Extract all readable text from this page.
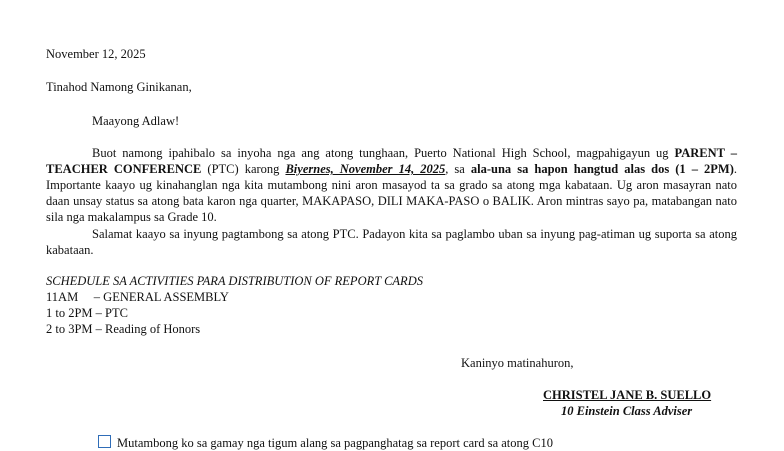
November 12, 2025
Tinahod Namong Ginikanan,
Maayong Adlaw!
Buot namong ipahibalo sa inyoha nga ang atong tunghaan, Puerto National High School, magpahigayun ug PARENT – TEACHER CONFERENCE (PTC) karong Biyernes, November 14, 2025, sa ala-una sa hapon hangtud alas dos (1 – 2PM). Importante kaayo ug kinahanglan nga kita mutambong nini aron masayod ta sa grado sa atong mga kabataan. Ug aron masayran nato daan unsay status sa atong bata karon nga quarter, MAKAPASO, DILI MAKA-PASO o BALIK. Aron mintras sayo pa, matabangan nato sila nga makalampus sa Grade 10.
Salamat kaayo sa inyung pagtambong sa atong PTC. Padayon kita sa paglambo uban sa inyung pag-atiman ug suporta sa atong kabataan.
SCHEDULE SA ACTIVITIES PARA DISTRIBUTION OF REPORT CARDS
11AM     – GENERAL ASSEMBLY
1 to 2PM – PTC
2 to 3PM – Reading of Honors
Kaninyo matinahuron,
CHRISTEL JANE B. SUELLO
10 Einstein Class Adviser
Mutambong ko sa gamay nga tigum alang sa pagpanghatag sa report card sa atong C10
